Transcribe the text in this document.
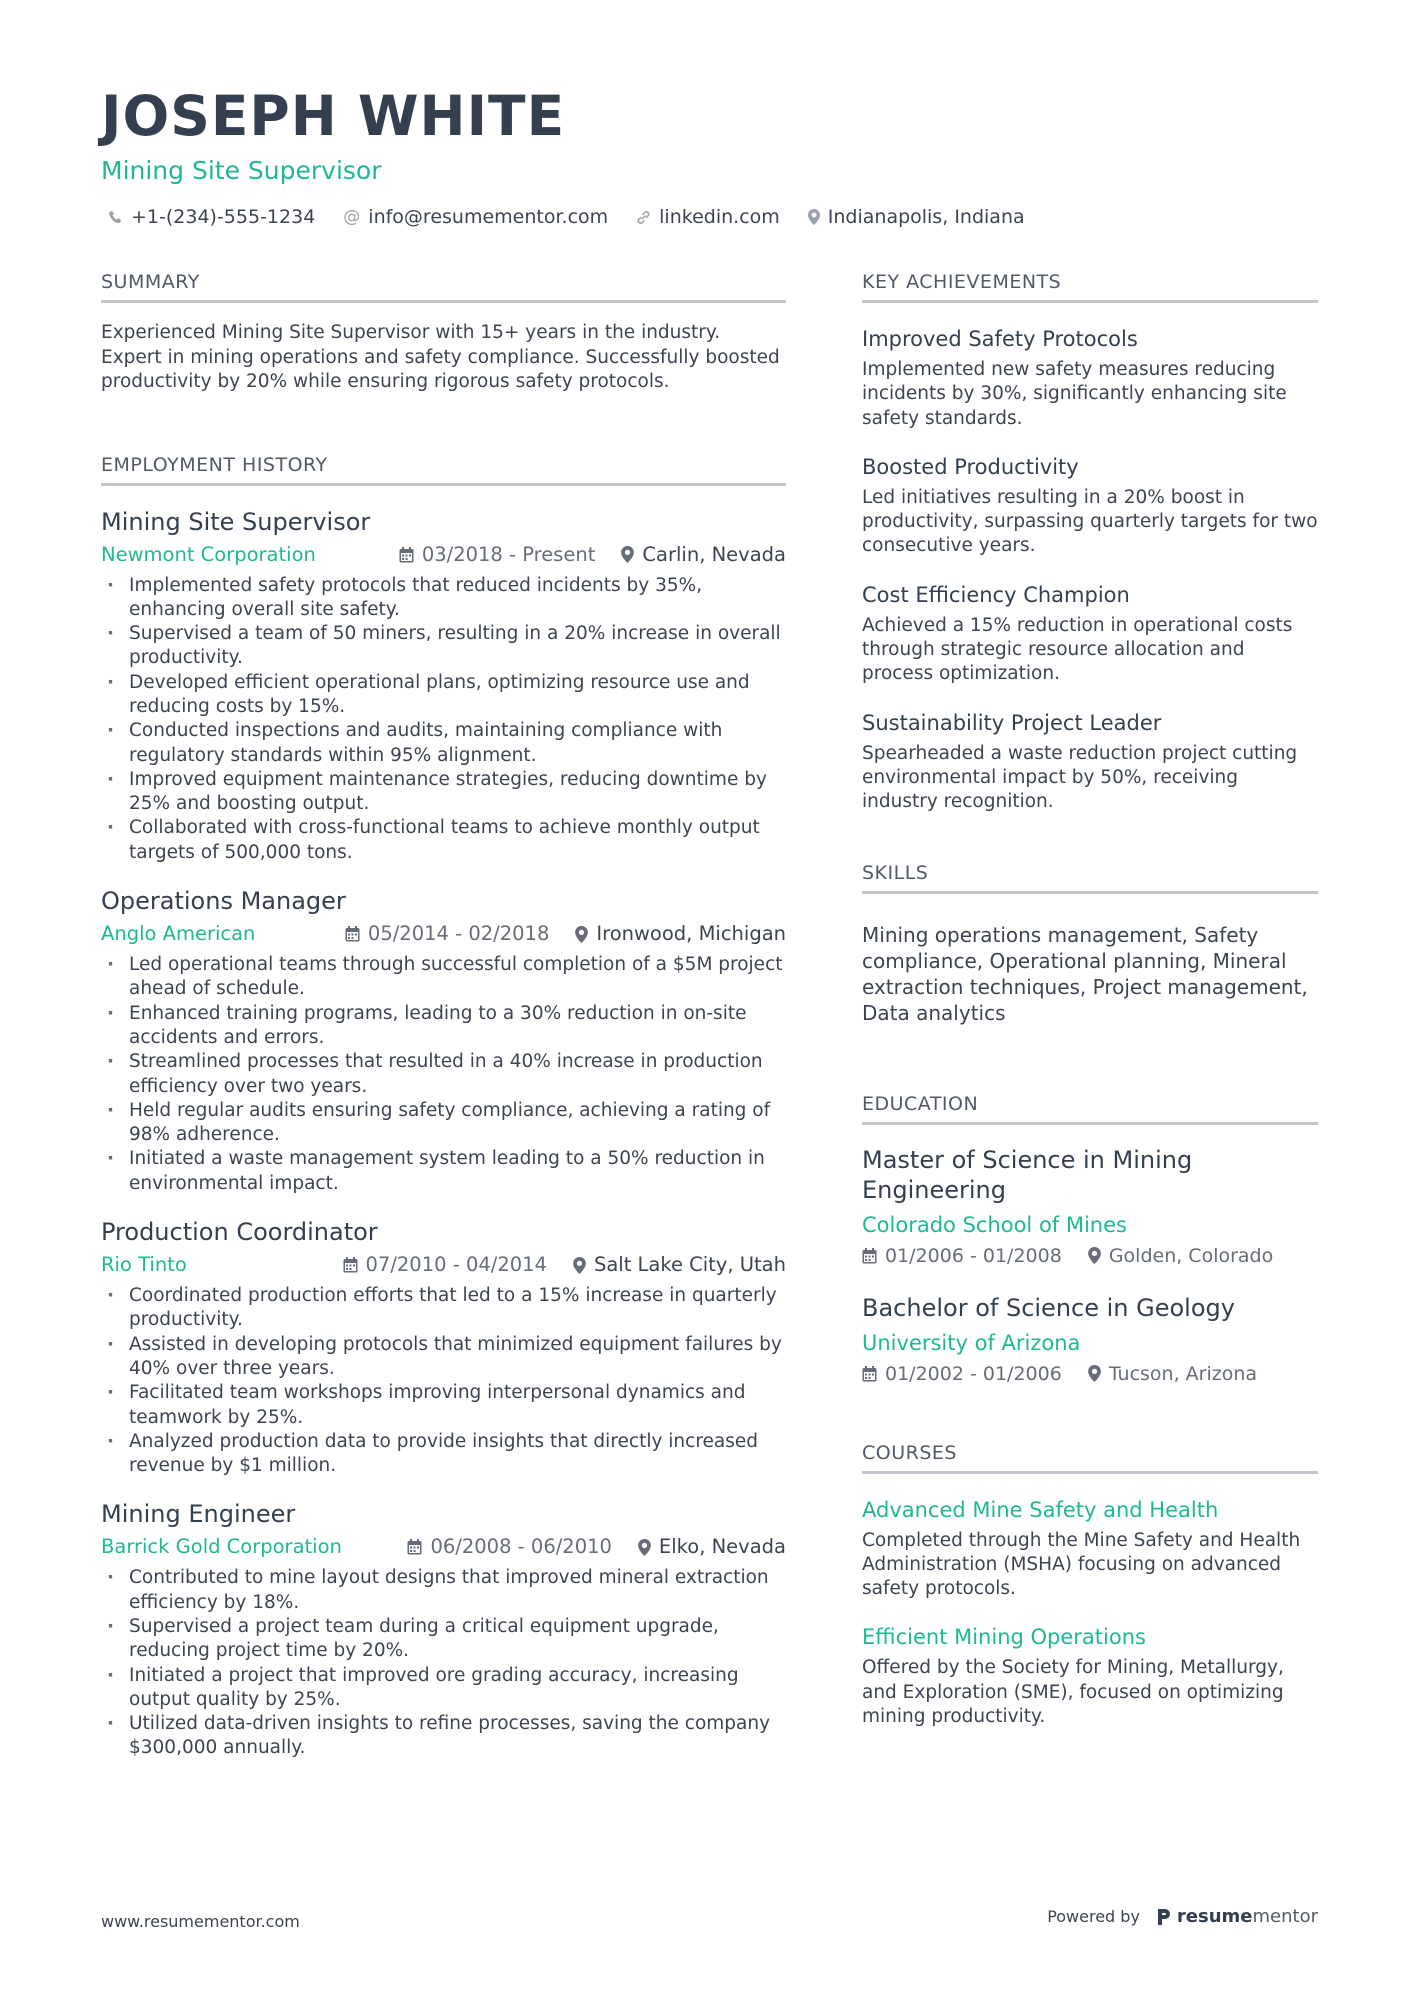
JOSEPH WHITE
Mining Site Supervisor
+1-(234)-555-1234 @ info@resumementor.com	linkedin.com	Indianapolis, Indiana
SUMMARY
Experienced Mining Site Supervisor with 15+ years in the industry. Expert in mining operations and safety compliance. Successfully boosted productivity by 20% while ensuring rigorous safety protocols.
EMPLOYMENT HISTORY
Mining Site Supervisor
Newmont Corporation	03/2018 - Present Carlin, Nevada
· Implemented safety protocols that reduced incidents by 35%, enhancing overall site safety.
· Supervised a team of 50 miners, resulting in a 20% increase in overall productivity.
· Developed efficient operational plans, optimizing resource use and reducing costs by 15%.
· Conducted inspections and audits, maintaining compliance with regulatory standards within 95% alignment.
· Improved equipment maintenance strategies, reducing downtime by 25% and boosting output.
· Collaborated with cross-functional teams to achieve monthly output targets of 500,000 tons.
Operations Manager
Anglo American	05/2014 - 02/2018 Ironwood, Michigan
· Led operational teams through successful completion of a $5M project ahead of schedule.
· Enhanced training programs, leading to a 30% reduction in on-site accidents and errors.
· Streamlined processes that resulted in a 40% increase in production efficiency over two years.
· Held regular audits ensuring safety compliance, achieving a rating of 98% adherence.
· Initiated a waste management system leading to a 50% reduction in environmental impact.
Production Coordinator
Rio Tinto	07/2010 - 04/2014 Salt Lake City, Utah
· Coordinated production efforts that led to a 15% increase in quarterly productivity.
· Assisted in developing protocols that minimized equipment failures by 40% over three years.
· Facilitated team workshops improving interpersonal dynamics and teamwork by 25%.
· Analyzed production data to provide insights that directly increased revenue by $1 million.
Mining Engineer
Barrick Gold Corporation	06/2008 - 06/2010 Elko, Nevada
· Contributed to mine layout designs that improved mineral extraction efficiency by 18%.
· Supervised a project team during a critical equipment upgrade, reducing project time by 20%.
· Initiated a project that improved ore grading accuracy, increasing output quality by 25%.
· Utilized data-driven insights to refine processes, saving the company $300,000 annually.
KEY ACHIEVEMENTS
Improved Safety Protocols
Implemented new safety measures reducing incidents by 30%, significantly enhancing site safety standards.
Boosted Productivity
Led initiatives resulting in a 20% boost in productivity, surpassing quarterly targets for two consecutive years.
Cost Efficiency Champion
Achieved a 15% reduction in operational costs through strategic resource allocation and process optimization.
Sustainability Project Leader
Spearheaded a waste reduction project cutting environmental impact by 50%, receiving industry recognition.
SKILLS
Mining operations management, Safety compliance, Operational planning, Mineral extraction techniques, Project management, Data analytics
EDUCATION
Master of Science in Mining Engineering
Colorado School of Mines
01/2006 - 01/2008 Golden, Colorado
Bachelor of Science in Geology
University of Arizona
01/2002 - 01/2006 Tucson, Arizona
COURSES
Advanced Mine Safety and Health
Completed through the Mine Safety and Health Administration (MSHA) focusing on advanced safety protocols.
Efficient Mining Operations
Offered by the Society for Mining, Metallurgy, and Exploration (SME), focused on optimizing mining productivity.
www.resumementor.com	Powered by resume mentor
